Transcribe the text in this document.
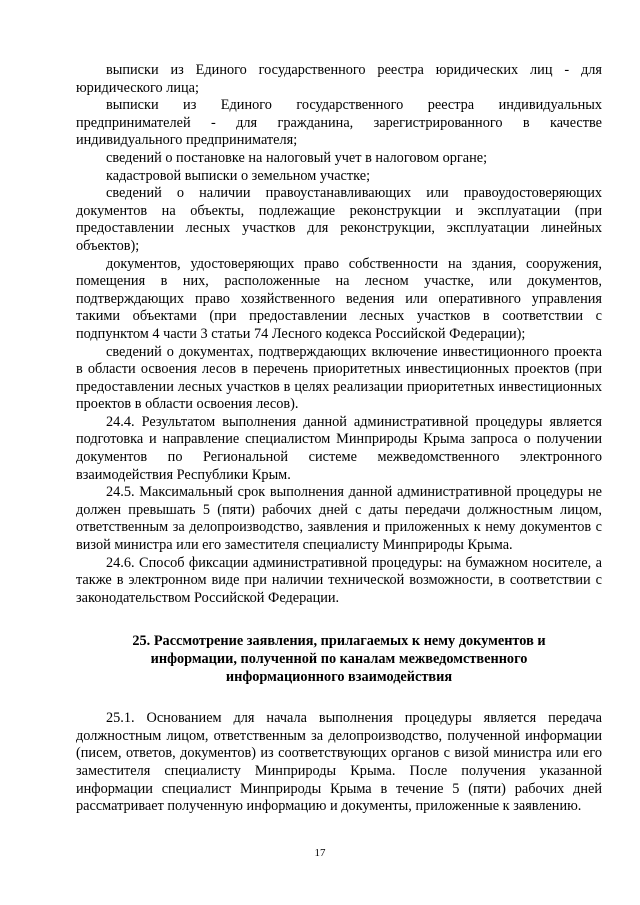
выписки из Единого государственного реестра юридических лиц - для юридического лица;

выписки из Единого государственного реестра индивидуальных предпринимателей - для гражданина, зарегистрированного в качестве индивидуального предпринимателя;

сведений о постановке на налоговый учет в налоговом органе;

кадастровой выписки о земельном участке;

сведений о наличии правоустанавливающих или правоудостоверяющих документов на объекты, подлежащие реконструкции и эксплуатации (при предоставлении лесных участков для реконструкции, эксплуатации линейных объектов);

документов, удостоверяющих право собственности на здания, сооружения, помещения в них, расположенные на лесном участке, или документов, подтверждающих право хозяйственного ведения или оперативного управления такими объектами (при предоставлении лесных участков в соответствии с подпунктом 4 части 3 статьи 74 Лесного кодекса Российской Федерации);

сведений о документах, подтверждающих включение инвестиционного проекта в области освоения лесов в перечень приоритетных инвестиционных проектов (при предоставлении лесных участков в целях реализации приоритетных инвестиционных проектов в области освоения лесов).

24.4. Результатом выполнения данной административной процедуры является подготовка и направление специалистом Минприроды Крыма запроса о получении документов по Региональной системе межведомственного электронного взаимодействия Республики Крым.

24.5. Максимальный срок выполнения данной административной процедуры не должен превышать 5 (пяти) рабочих дней с даты передачи должностным лицом, ответственным за делопроизводство, заявления и приложенных к нему документов с визой министра или его заместителя специалисту Минприроды Крыма.

24.6. Способ фиксации административной процедуры: на бумажном носителе, а также в электронном виде при наличии технической возможности, в соответствии с законодательством Российской Федерации.

25. Рассмотрение заявления, прилагаемых к нему документов и информации, полученной по каналам межведомственного информационного взаимодействия

25.1. Основанием для начала выполнения процедуры является передача должностным лицом, ответственным за делопроизводство, полученной информации (писем, ответов, документов) из соответствующих органов с визой министра или его заместителя специалисту Минприроды Крыма. После получения указанной информации специалист Минприроды Крыма в течение 5 (пяти) рабочих дней рассматривает полученную информацию и документы, приложенные к заявлению.

17
